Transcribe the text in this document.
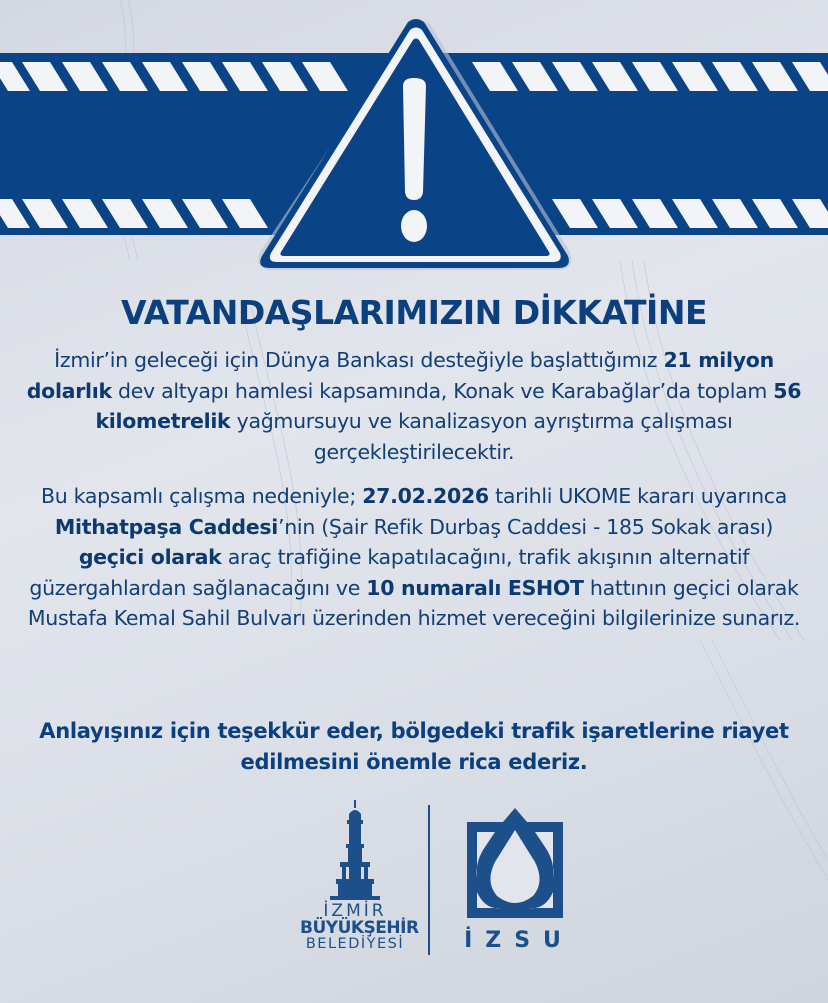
VATANDAŞLARIMIZIN DİKKATİNE
İzmir’in geleceği için Dünya Bankası desteğiyle başlattığımız 21 milyon dolarlık dev altyapı hamlesi kapsamında, Konak ve Karabağlar’da toplam 56 kilometrelik yağmursuyu ve kanalizasyon ayrıştırma çalışması gerçekleştirilecektir.
Bu kapsamlı çalışma nedeniyle; 27.02.2026 tarihli UKOME kararı uyarınca Mithatpaşa Caddesi’nin (Şair Refik Durbaş Caddesi - 185 Sokak arası) geçici olarak araç trafiğine kapatılacağını, trafik akışının alternatif güzergahlardan sağlanacağını ve 10 numaralı ESHOT hattının geçici olarak Mustafa Kemal Sahil Bulvarı üzerinden hizmet vereceğini bilgilerinize sunarız.
Anlayışınız için teşekkür eder, bölgedeki trafik işaretlerine riayet edilmesini önemle rica ederiz.
İZMİR
BÜYÜKŞEHİR
BELEDİYESİ	İZSU
